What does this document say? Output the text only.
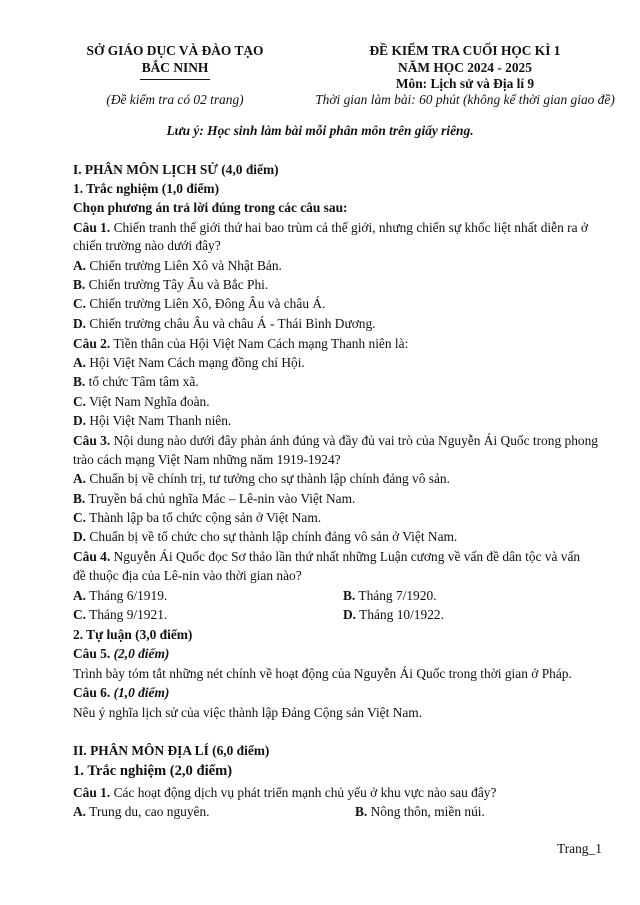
SỞ GIÁO DỤC VÀ ĐÀO TẠO
BẮC NINH
(Đề kiểm tra có 02 trang)
ĐỀ KIỂM TRA CUỐI HỌC KÌ 1
NĂM HỌC 2024 - 2025
Môn: Lịch sử và Địa lí 9
Thời gian làm bài: 60 phút (không kể thời gian giao đề)
Lưu ý: Học sinh làm bài mỗi phân môn trên giấy riêng.
I. PHÂN MÔN LỊCH SỬ (4,0 điểm)
1. Trắc nghiệm (1,0 điểm)
Chọn phương án trả lời đúng trong các câu sau:
Câu 1. Chiến tranh thế giới thứ hai bao trùm cả thế giới, nhưng chiến sự khốc liệt nhất diễn ra ở
chiến trường nào dưới đây?
A. Chiến trường Liên Xô và Nhật Bản.
B. Chiến trường Tây Âu và Bắc Phi.
C. Chiến trường Liên Xô, Đông Âu và châu Á.
D. Chiến trường châu Âu và châu Á - Thái Bình Dương.
Câu 2. Tiền thân của Hội Việt Nam Cách mạng Thanh niên là:
A. Hội Việt Nam Cách mạng đồng chí Hội.
B. tổ chức Tâm tâm xã.
C. Việt Nam Nghĩa đoàn.
D. Hội Việt Nam Thanh niên.
Câu 3. Nội dung nào dưới đây phản ánh đúng và đầy đủ vai trò của Nguyễn Ái Quốc trong phong
trào cách mạng Việt Nam những năm 1919-1924?
A. Chuẩn bị về chính trị, tư tưởng cho sự thành lập chính đảng vô sản.
B. Truyền bá chủ nghĩa Mác – Lê-nin vào Việt Nam.
C. Thành lập ba tổ chức cộng sản ở Việt Nam.
D. Chuẩn bị về tổ chức cho sự thành lập chính đảng vô sản ở Việt Nam.
Câu 4. Nguyễn Ái Quốc đọc Sơ thảo lần thứ nhất những Luận cương về vấn đề dân tộc và vấn
đề thuộc địa của Lê-nin vào thời gian nào?
A. Tháng 6/1919.	B. Tháng 7/1920.
C. Tháng 9/1921.	D. Tháng 10/1922.
2. Tự luận (3,0 điểm)
Câu 5. (2,0 điểm)
Trình bày tóm tắt những nét chính về hoạt động của Nguyễn Ái Quốc trong thời gian ở Pháp.
Câu 6. (1,0 điểm)
Nêu ý nghĩa lịch sử của việc thành lập Đảng Cộng sản Việt Nam.
II. PHÂN MÔN ĐỊA LÍ (6,0 điểm)
1. Trắc nghiệm (2,0 điểm)
Câu 1. Các hoạt động dịch vụ phát triển mạnh chủ yếu ở khu vực nào sau đây?
A. Trung du, cao nguyên.	B. Nông thôn, miền núi.
Trang_1
